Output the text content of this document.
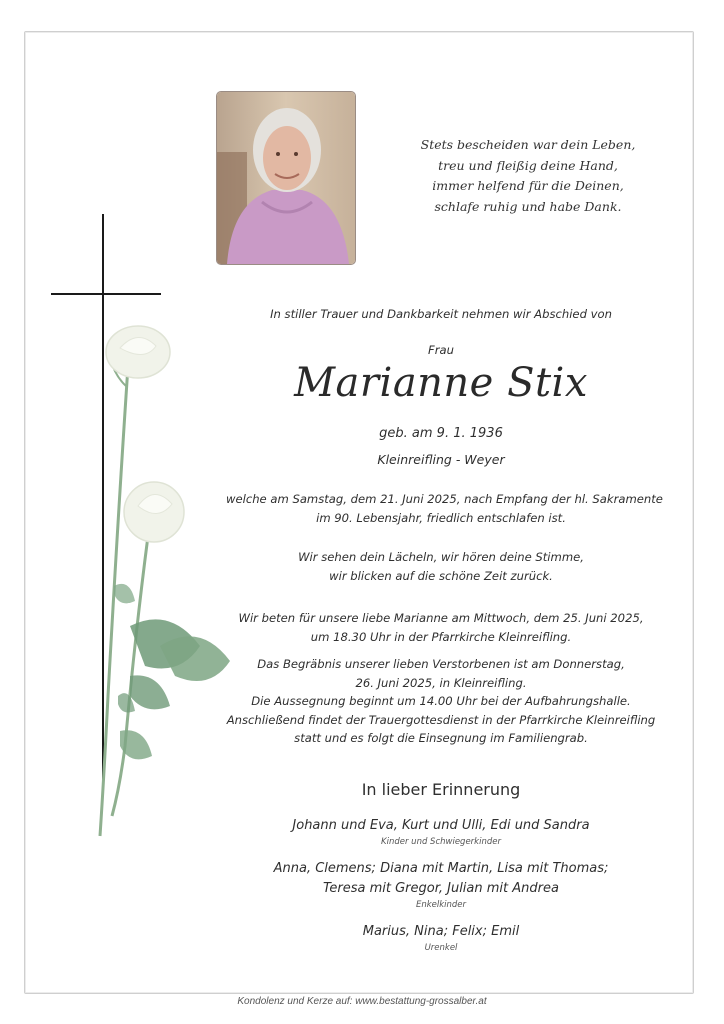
Stets bescheiden war dein Leben,
treu und fleißig deine Hand,
immer helfend für die Deinen,
schlafe ruhig und habe Dank.
In stiller Trauer und Dankbarkeit nehmen wir Abschied von
Frau
Marianne Stix
geb. am 9. 1. 1936
Kleinreifling - Weyer
welche am Samstag, dem 21. Juni 2025, nach Empfang der hl. Sakramente
im 90. Lebensjahr, friedlich entschlafen ist.
Wir sehen dein Lächeln, wir hören deine Stimme,
wir blicken auf die schöne Zeit zurück.
Wir beten für unsere liebe Marianne am Mittwoch, dem 25. Juni 2025,
um 18.30 Uhr in der Pfarrkirche Kleinreifling.
Das Begräbnis unserer lieben Verstorbenen ist am Donnerstag,
26. Juni 2025, in Kleinreifling.
Die Aussegnung beginnt um 14.00 Uhr bei der Aufbahrungshalle.
Anschließend findet der Trauergottesdienst in der Pfarrkirche Kleinreifling
statt und es folgt die Einsegnung im Familiengrab.
In lieber Erinnerung
Johann und Eva, Kurt und Ulli, Edi und Sandra
Kinder und Schwiegerkinder
Anna, Clemens; Diana mit Martin, Lisa mit Thomas;
Teresa mit Gregor, Julian mit Andrea
Enkelkinder
Marius, Nina; Felix; Emil
Urenkel
Kondolenz und Kerze auf: www.bestattung-grossalber.at
